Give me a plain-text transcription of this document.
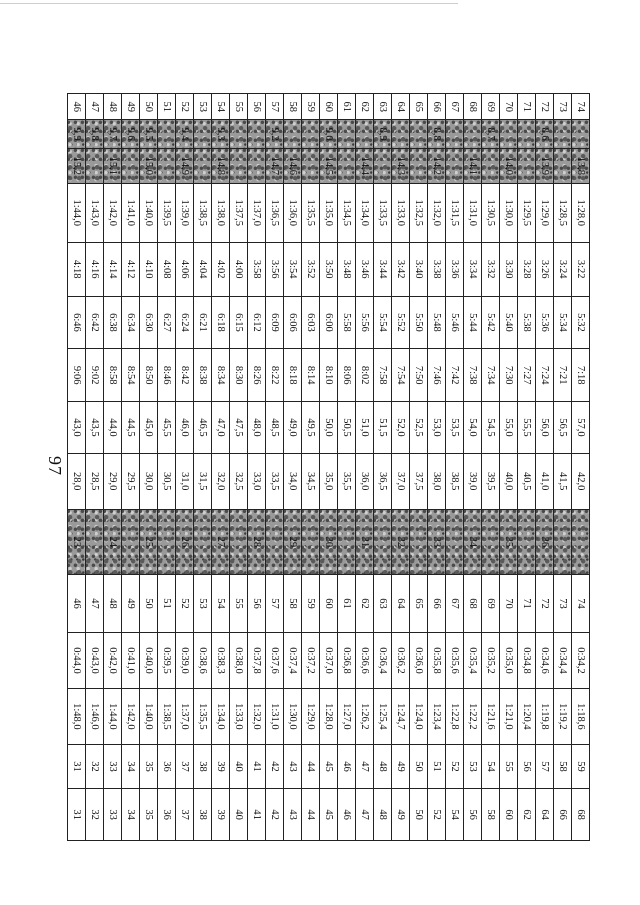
97
74		13,8	1:28,0	3:22	5:32	7:18	57,0	42,0		74	0:34,2	1:18,6	59	68
73			1:28,5	3:24	5:34	7:21	56,5	41,5		73	0:34,4	1:19,2	58	66
72	8,6	13,9	1:29,0	3:26	5:36	7:24	56,0	41,0	36	72	0:34,6	1:19,8	57	64
71			1:29,5	3:28	5:38	7:27	55,5	40,5		71	0:34,8	1:20,4	56	62
70		14,0	1:30,0	3:30	5:40	7:30	55,0	40,0	35	70	0:35,0	1:21,0	55	60
69	8,7		1:30,5	3:32	5:42	7:34	54,5	39,5		69	0:35,2	1:21,6	54	58
68		14,1	1:31,0	3:34	5:44	7:38	54,0	39,0	34	68	0:35,4	1:22,2	53	56
67			1:31,5	3:36	5:46	7:42	53,5	38,5		67	0:35,6	1:22,8	52	54
66	8,8	14,2	1:32,0	3:38	5:48	7:46	53,0	38,0	33	66	0:35,8	1:23,4	51	52
65			1:32,5	3:40	5:50	7:50	52,5	37,5		65	0:36,0	1:24,0	50	50
64		14,3	1:33,0	3:42	5:52	7:54	52,0	37,0	32	64	0:36,2	1:24,7	49	49
63	8,9		1:33,5	3:44	5:54	7:58	51,5	36,5		63	0:36,4	1:25,4	48	48
62		14,4	1:34,0	3:46	5:56	8:02	51,0	36,0	31	62	0:36,6	1:26,2	47	47
61			1:34,5	3:48	5:58	8:06	50,5	35,5		61	0:36,8	1:27,0	46	46
60	9,0	14,5	1:35,0	3:50	6:00	8:10	50,0	35,0	30	60	0:37,0	1:28,0	45	45
59			1:35,5	3:52	6:03	8:14	49,5	34,5		59	0:37,2	1:29,0	44	44
58		14,6	1:36,0	3:54	6:06	8:18	49,0	34,0	29	58	0:37,4	1:30,0	43	43
57	9,2	14,7	1:36,5	3:56	6:09	8:22	48,5	33,5		57	0:37,6	1:31,0	42	42
56			1:37,0	3:58	6:12	8:26	48,0	33,0	28	56	0:37,8	1:32,0	41	41
55			1:37,5	4:00	6:15	8:30	47,5	32,5		55	0:38,0	1:33,0	40	40
54	9,3	14,8	1:38,0	4:02	6:18	8:34	47,0	32,0	27	54	0:38,3	1:34,0	39	39
53			1:38,5	4:04	6:21	8:38	46,5	31,5		53	0:38,6	1:35,5	38	38
52	9,4	14,9	1:39,0	4:06	6:24	8:42	46,0	31,0	26	52	0:39,0	1:37,0	37	37
51			1:39,5	4:08	6:27	8:46	45,5	30,5		51	0:39,5	1:38,5	36	36
50	9,5	15,0	1:40,0	4:10	6:30	8:50	45,0	30,0	25	50	0:40,0	1:40,0	35	35
49	9,6		1:41,0	4:12	6:34	8:54	44,5	29,5		49	0:41,0	1:42,0	34	34
48	9,7	15,1	1:42,0	4:14	6:38	8:58	44,0	29,0	24	48	0:42,0	1:44,0	33	33
47	9,8		1:43,0	4:16	6:42	9:02	43,5	28,5		47	0:43,0	1:46,0	32	32
46	9,9	15,2	1:44,0	4:18	6:46	9:06	43,0	28,0	23	46	0:44,0	1:48,0	31	31
